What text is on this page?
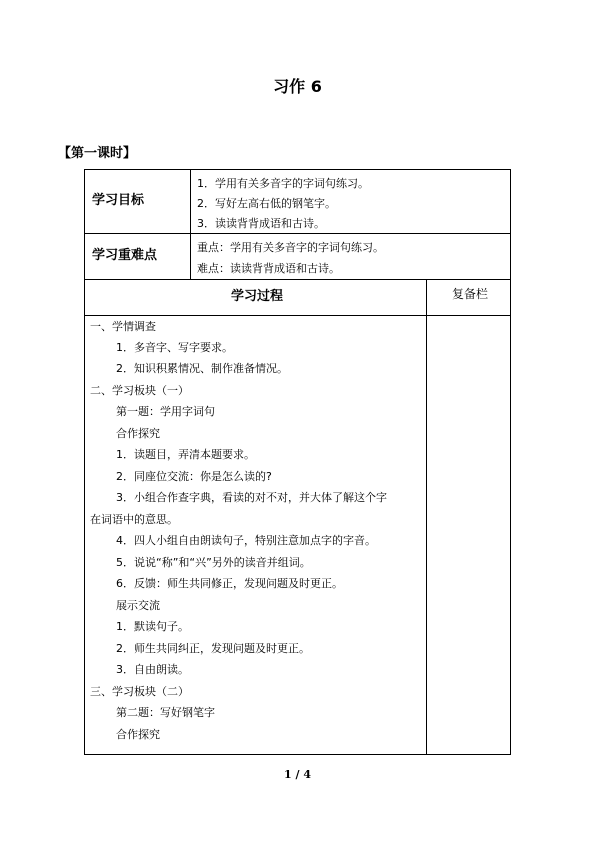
习作 6
【第一课时】
学习目标
1．学用有关多音字的字词句练习。
2．写好左高右低的钢笔字。
3．读读背背成语和古诗。
学习重难点
重点：学用有关多音字的字词句练习。
难点：读读背背成语和古诗。
学习过程	复备栏
一、学情调查
1．多音字、写字要求。
2．知识积累情况、制作准备情况。
二、学习板块（一）
第一题：学用字词句
合作探究
1．读题目，弄清本题要求。
2．同座位交流：你是怎么读的?
3．小组合作查字典，看读的对不对，并大体了解这个字
在词语中的意思。
4．四人小组自由朗读句子，特别注意加点字的字音。
5．说说“称”和“兴”另外的读音并组词。
6．反馈：师生共同修正，发现问题及时更正。
展示交流
1．默读句子。
2．师生共同纠正，发现问题及时更正。
3．自由朗读。
三、学习板块（二）
第二题：写好钢笔字
合作探究
1 / 4
